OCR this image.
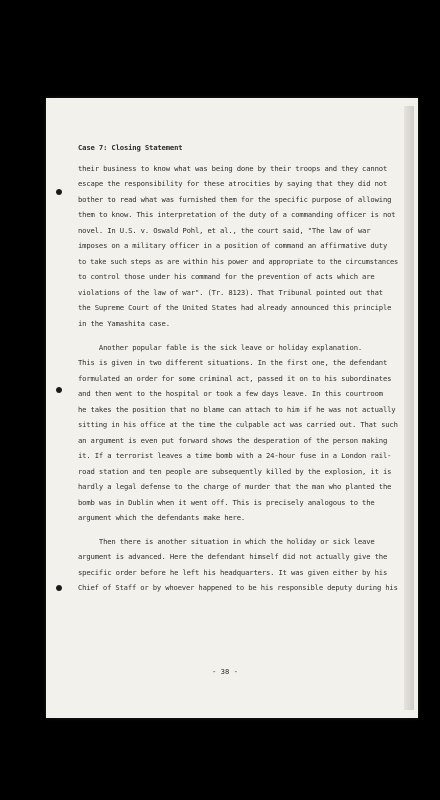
Case 7: Closing Statement
their business to know what was being done by their troops and they cannot
escape the responsibility for these atrocities by saying that they did not
bother to read what was furnished them for the specific purpose of allowing
them to know. This interpretation of the duty of a commanding officer is not
novel. In U.S. v. Oswald Pohl, et al., the court said, "The law of war
imposes on a military officer in a position of command an affirmative duty
to take such steps as are within his power and appropriate to the circumstances
to control those under his command for the prevention of acts which are
violations of the law of war". (Tr. 8123). That Tribunal pointed out that
the Supreme Court of the United States had already announced this principle
in the Yamashita case.
Another popular fable is the sick leave or holiday explanation.
This is given in two different situations. In the first one, the defendant
formulated an order for some criminal act, passed it on to his subordinates
and then went to the hospital or took a few days leave. In this courtroom
he takes the position that no blame can attach to him if he was not actually
sitting in his office at the time the culpable act was carried out. That such
an argument is even put forward shows the desperation of the person making
it. If a terrorist leaves a time bomb with a 24-hour fuse in a London rail-
road station and ten people are subsequently killed by the explosion, it is
hardly a legal defense to the charge of murder that the man who planted the
bomb was in Dublin when it went off. This is precisely analogous to the
argument which the defendants make here.
Then there is another situation in which the holiday or sick leave
argument is advanced. Here the defendant himself did not actually give the
specific order before he left his headquarters. It was given either by his
Chief of Staff or by whoever happened to be his responsible deputy during his
- 38 -
